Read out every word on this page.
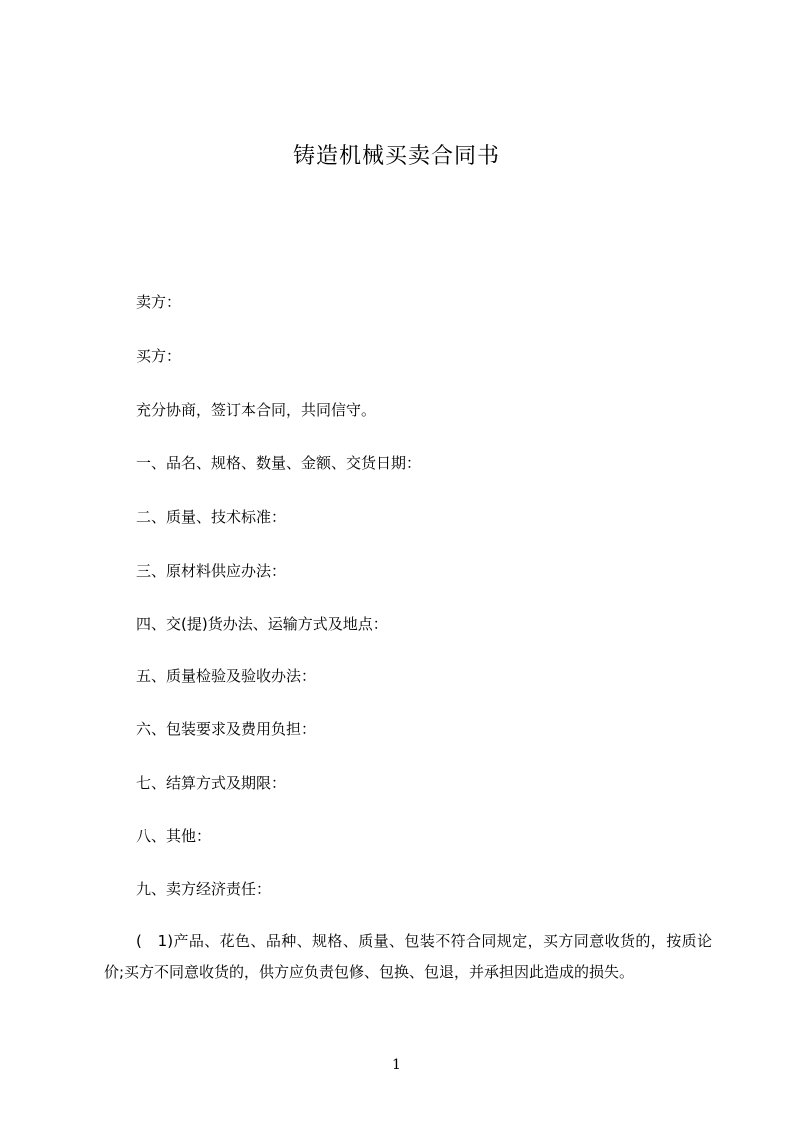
铸造机械买卖合同书

卖方：

买方：

充分协商，签订本合同，共同信守。

一、品名、规格、数量、金额、交货日期：

二、质量、技术标准：

三、原材料供应办法：

四、交(提)货办法、运输方式及地点：

五、质量检验及验收办法：

六、包装要求及费用负担：

七、结算方式及期限：

八、其他：

九、卖方经济责任：

(　1)产品、花色、品种、规格、质量、包装不符合同规定，买方同意收货的，按质论价;买方不同意收货的，供方应负责包修、包换、包退，并承担因此造成的损失。

1
